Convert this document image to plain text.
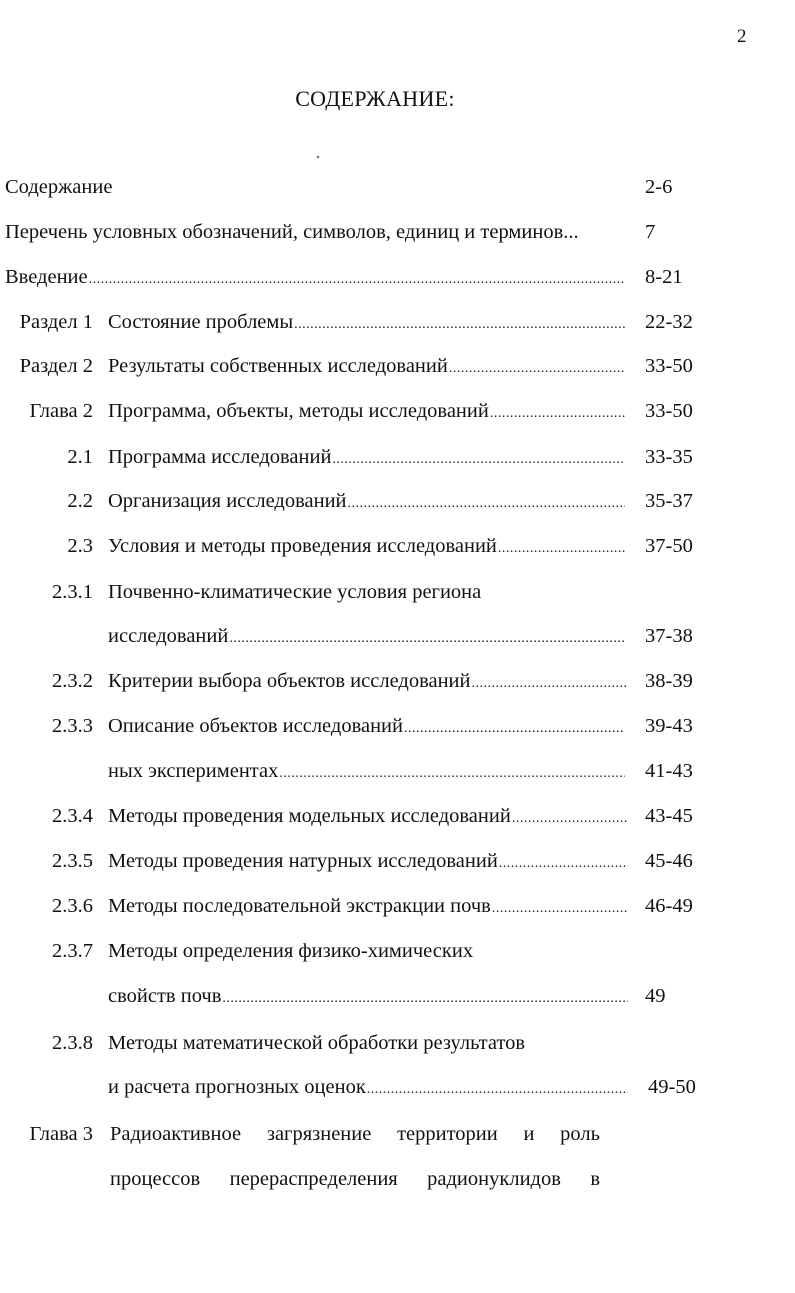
2
СОДЕРЖАНИЕ:
Содержание	2-6
Перечень условных обозначений, символов, единиц и терминов...	7
Введение .....	8-21
Раздел 1 Состояние проблемы .....	22-32
Раздел 2 Результаты собственных исследований .....	33-50
Глава 2 Программа, объекты, методы исследований .....	33-50
2.1 Программа исследований .....	33-35
2.2 Организация исследований .....	35-37
2.3 Условия и методы проведения исследований .....	37-50
2.3.1 Почвенно-климатические условия региона
исследований .....	37-38
2.3.2 Критерии выбора объектов исследований .....	38-39
2.3.3 Описание объектов исследований .....	39-43
ных экспериментах .....	41-43
2.3.4 Методы проведения модельных исследований .....	43-45
2.3.5 Методы проведения натурных исследований .....	45-46
2.3.6 Методы последовательной экстракции почв .....	46-49
2.3.7 Методы определения физико-химических
свойств почв .....	49
2.3.8 Методы математической обработки результатов
и расчета прогнозных оценок .....	49-50
Глава 3 Радиоактивное загрязнение территории и роль
процессов перераспределения радионуклидов в
